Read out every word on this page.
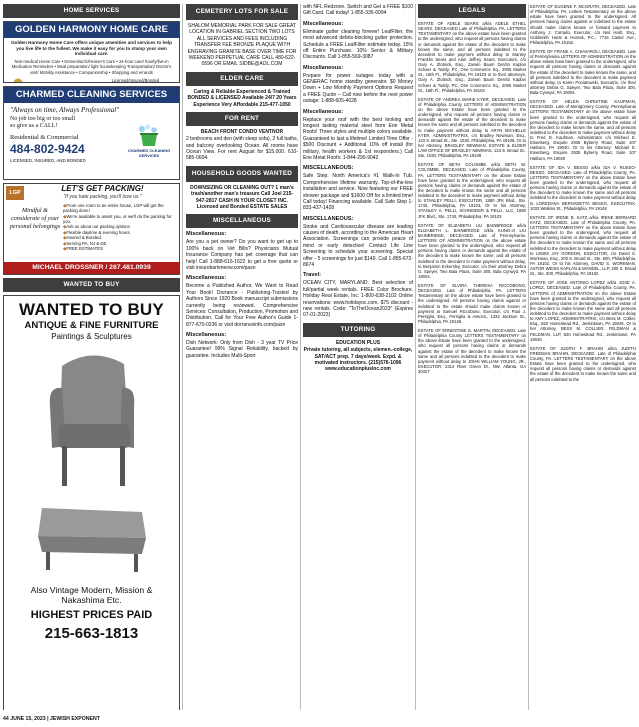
HOME SERVICES
GOLDEN HARMONY HOME CARE
Golden Harmony Home Care offers unique amenities and services to help you live life to the fullest. We make it easy for you to stamp your own individual care.
Non-medical Home Care • Dementia/Alzheimer's Care • 24-hour care/ hourly/live-in Medication Reminders • Meal preparation/ light housekeeping Transportation/ Doctor's visit/ Mobility Assistance • Companionship • Shopping and errands
Licensed/Insured/Bonded
CHARMED CLEANING SERVICES
"Always on time, Always Professional"
No job too big or too small
so give us a CALL!
Residential & Commercial
484-802-9424
LICENSED, INSURED, AND BONDED
CHARMED CLEANING SERVICES
LGP	LET'S GET PACKING!
"If you hate packing, you'll love us."
Mindful & considerate of your personal belongings
◆ From one room to an entire house, LGP will get the packing done!
◆ We're available to assist you, or we'll do the packing for you.
◆ Ask us about our packing options.
◆ Flexible daytime & evening hours.
◆ Insured & Bonded.
◆ Serving PA, NJ & DE
◆ FREE ESTIMATES
MICHAEL DROSSNER / 267.481.0939
WANTED TO BUY
WANTED TO BUY
ANTIQUE & FINE FURNITURE
Paintings & Sculptures

Also Vintage Modern, Mission & Nakashima Etc.
HIGHEST PRICES PAID
215-663-1813
CEMETERY LOTS FOR SALE
SHALOM MEMORIAL PARK FOR SALE GREAT LOCATION IN GABRIEL SECTION TWO LOTS ALL SERVICES AND FEES INCLUDING TRANSFER FEE BRONZE PLAQUE WITH ENGRAVING GRANITE BASE OVER TIME FOR WEEKEND PERPETUAL CARE CALL 480-622-0596 OR EMAIL SIDBE@AOL.COM
ELDER CARE
Caring & Reliable Experienced & Trained BONDED & LICENSED Available 24/7 20 Years Experience Very Affordable 215-477-1050
FOR RENT
BEACH FRONT CONDO VENTNOR
2 bedrooms and den (with sleep sofa), 2 full baths, and balcony overlooking Ocean. All rooms have Ocean View. For rent August for $15,000. 610-585-0604.
HOUSEHOLD GOODS WANTED
DOWNSIZING OR CLEANING OUT? 1 man's trash/another man's treasure Call Joel 215-947-2817 CASH IN YOUR CLOSET INC. Licensed and Bonded ESTATE SALES
MISCELLANEOUS
Miscellaneous:
Are you a pet owner? Do you want to get up to 100% back on Vet Bills? Physicians Mutual Insurance Company has pet coverage that can help! Call 1-888-616-1622 to get a free quote or visit insurebarkmeow.com/pasn
Miscellaneous:
Become a Published Author. We Want to Read Your Book! Dorrance - Publishing-Trusted by Authors Since 1920 Book manuscript submissions currently being reviewed. Comprehensive Services: Consultation, Production, Promotion and Distribution. Call for Your Free Author's Guide 1-877-670-0236 or visit dorranceinfo.com/pasn
Miscellaneous:
Dish Network: Only from Dish - 3 year TV Price Guarantee! 99% Signal Reliability, backed by guarantee. Includes Multi-Sport
with NFL Redzone. Switch and Get a FREE $100 Gift Card. Call today! 1-855-335-6094
Miscellaneous:
Eliminate gutter cleaning forever! LeafFilter, the most advanced debris-blocking gutter protection. Schedule a FREE LeafFilter estimate today. 15% off Entire Purchase. 10% Senior & Military Discounts. Call 1-855-569-3087
Miscellaneous:
Prepare for power outages today with a GENERAC home standby generator. $0 Money Down + Low Monthly Payment Options Request a FREE Quote – Call now before the next power outage: 1-888-605-4028
Miscellaneous:
Replace your roof with the best looking and longest lasting material steel from Erie Metal Roofs! Three styles and multiple colors available. Guaranteed to last a lifetime! Limited Time Offer - $500 Discount + Additional 10% off install (for military, health workers & 1st responders.) Call Erie Metal Roofs: 1-844-290-9042
MISCELLANEOUS:
Safe Step. North America's #1 Walk-In Tub. Comprehensive lifetime warranty. Top-of-the-line installation and service. Now featuring our FREE shower package and $1600 Off for a limited time! Call today! Financing available. Call Safe Step 1-833-437-1428
MISCELLANEOUS:
Stroke and Cardiovascular disease are leading causes of death, according to the American Heart Association. Screenings can provide peace of mind or early detection! Contact Life Line Screening to schedule your screening. Special offer - 5 screenings for just $149. Call 1-855-672-8674
Travel:
OCEAN CITY, MARYLAND. Best selection of full/partial week rentals. FREE Color Brochure. Holiday Real Estate, Inc: 1-800-638-2102 Online reservations: www.holidayoc.com. $75 discount - new rentals. Code: "ToTheOcean2023" (Expires 07-01-2023)
TUTORING
EDUCATION PLUS
Private tutoring, all subjects, elemen.-college, SAT/ACT prep. 7 days/week. Expd. & motivated instructors. (215)576-1096 www.educationplusinc.com
LEGALS
ESTATE OF ADELE SEARS a/k/a ADELE ETHEL SEARS, DECEASED Late of Philadelphia, PA. LETTERS TESTAMENTARY on the above estate have been granted to the undersigned, who request all persons having claims or demands against the estate of the decedent to make known the same, and all persons indebted to the decedent to make payment without delay to Stanley Franklin Sears and Alan Jeffrey Sears, Executors, c/o Gary A. Zlotnick, Esq., Zarwin Baum DeVito Kaplan Schaer & Toddy, PC, One Commerce Sq., 2005 Market St., 16th Fl., Philadelphia, PA 19103 or to their attorneys, Gary A. Zlotnick, Esq., Zarwin Baum DeVito Kaplan Schaer & Toddy, PC, One Commerce Sq., 2005 Market St., 16th Fl., Philadelphia, PA 19103
ESTATE OF ANDREA MARIE KYER, DECEASED. Late of Philadelphia County LETTERS of ADMINISTRATION on the above Estate have been granted to the undersigned, who request all persons having claims or demands against the estate of the decedent to make known the same and all persons indebted to the decedent to make payment without delay to ARYN MICHELLE KYER, ADMINISTRATRIX, c/o Bradley Newman, Esq., 123 S. Broad St., Ste. 1030, Philadelphia, PA 19109, Or to her Attorney, BRADLEY NEWMAN, ESTATE & ELDER LAW OFFICE OF BRADLEY NEWMAN, 123 S. Broad St., Ste. 1030, Philadelphia, PA 19109
ESTATE OF BETH COLOMBE a/k/a BETH W. COLOMBE, DECEASED. Late of Philadelphia County, PA. LETTERS TESTAMENTARY on the above Estate have been granted to the undersigned, who request all persons having claims or demands against the estate of the decedent to make known the same and all persons indebted to the decedent to make payment without delay to STANLEY PELLI, EXECUTOR, 1880 JFK Blvd., Ste. 1740, Philadelphia, PA 19103, Or to his Attorney, STANLEY A. PELLI, SCHNEIDER & PELLI, LLC, 1880 JFK Blvd., Ste. 1740, Philadelphia, PA 19103
ESTATE OF ELIZABETH LIU BAINBRIDGE a/k/a ELIZABETH L. BAINBRIDGE a/k/a KUNG-JI LIU BAINBRIDGE, DECEASED. Late of Pennsylvania. LETTERS OF ADMINISTRATION on the above estate have been granted to the undersigned, who request all persons having claims or demands against the estate of the decedent to make known the same, and all persons indebted to the decedent to make payment without delay, to Benjamin Eckersley, Executor, c/o their attorney Debra G. Speyer, Two Bala Plaza, Suite 300, Bala Cynwyd, PA 19004.
ESTATE OF ELVIRA THERESA RICCOBONO, DECEASED. Late of Philadelphia, PA. LETTERS Testamentary on the above estate have been granted to the undersigned. All persons having claims against or indebted to the estate should make claims known or payment to Samuel Riccobono, Executor, c/o Paul J. Persiglia, Esq., Persiglia & Assocs., 1332 Jackson St., Philadelphia, PA 19148.
ESTATE OF ERNESTINE G. MARTIN, DECEASED. Late of Philadelphia County LETTERS TESTAMENTARY on the above Estate have been granted to the undersigned, who request all persons having claims or demands against the estate of the decedent to make known the same and all persons indebted to the decedent to make payment without delay to JOHN WILLIAM YOUNG, JR., EXECUTOR, 2314 River Green Dr., NW, Atlanta, GA 30327
ESTATE OF EUGENE F. MCGRATH, DECEASED. Late of Philadelphia, PA. Letters Testamentary on the above estate have been granted to the undersigned. All persons having claims against or indebted to the estate should make claims known or forward payment to Anthony J. Corrado, Executor, c/o Neil Hartl, Esq., Goldsmith Hurst & Hornak, P.C., 7716 Castor Ave., Philadelphia, PA 19152.
ESTATE OF FRANK A. CHIAVAROLI, DECEASED. Late of Pennsylvania LETTERS OF ADMINISTRATION on the above estate have been granted to the undersigned, who request all persons having claims or demands against the estate of the decedent to make known the same, and all persons indebted to the decedent to make payment without delay, to Karen Poniatowski, Executrix, c/o their attorney Debra G. Speyer, Two Bala Plaza, Suite 300, Bala Cynwyd, PA 19004.
ESTATE OF HELEN CHRISTINE KAUFMAN, DECEASED. Late of Montgomery County, Pennsylvania LETTERS TESTAMENTARY on the above estate have been granted to the undersigned, who request all persons having claims or demands against the estate of the decedent to make known the same, and all persons indebted to the decedent to make payment without delay to Fred D. Kaufman, Administrator c/o Michael E. Eisenberg, Esquire 2935 Byberry Road, Suite 107 Hatboro, PA 19040. Or to his Attorney: Michael E. Eisenberg, Esquire 2935 Byberry Road, Suite 107 Hatboro, PA 19040
ESTATE OF IDA V. BESSO a/k/a IDA V. RUSSO-BESSO, DECEASED. Late of Philadelphia County, PA. LETTERS TESTAMENTARY on the above Estate have been granted to the undersigned, who request all persons having claims or demands against the estate of the decedent to make known the same and all persons indebted to the decedent to make payment without delay to LOREDANA BERNADETTA BESSO, EXECUTRIX, 1033 Watkins St., Philadelphia, PA 19148
ESTATE OF IRENE B. KATZ a/k/a IRENE BERNARD KATZ, DECEASED. Late of Philadelphia County, PA. LETTERS TESTAMENTARY on the above Estate have been granted to the undersigned, who request all persons having claims or demands against the estate of the decedent to make known the same and all persons indebted to the decedent to make payment without delay to LEWIS JAY GORDON, EXECUTOR, c/o David S. Workman, Esq., 200 S. Broad St., Ste. 600, Philadelphia, PA 19102, Or to his Attorney, DAVID S. WORKMAN, ASTOR WEISS KAPLAN & MANDEL, LLP, 200 S. Broad St., Ste. 600, Philadelphia, PA 19102
ESTATE OF JOSE ANTONIO LOPEZ a/k/a JOSE A. LOPEZ, DECEASED. Late of Philadelphia County, PA. LETTERS of ADMINISTRATION on the above Estate have been granted to the undersigned, who request all persons having claims or demands against the estate of the decedent to make known the same and all persons indebted to the decedent to make payment without delay to AMY LOPEZ, ADMINISTRATRIX, c/o Bess M. Collier, Esq., 820 Homestead Rd., Jenkintown, PA 19046, Or to her Attorney, BESS M. COLLIER, FELDMAN & FELDMAN, LLP, 820 Homestead Rd., Jenkintown, PA 19046
ESTATE OF JUDITH F. BRAHIN a/k/a JUDITH FREEMAN BRAHIN, DECEASED. Late of Philadelphia County, PA. LETTERS TESTAMENTARY on the above Estate have been granted to the undersigned, who request all persons having claims or demands against the estate of the decedent to make known the same and all persons indebted to the
44 JUNE 15, 2023 | JEWISH EXPONENT
